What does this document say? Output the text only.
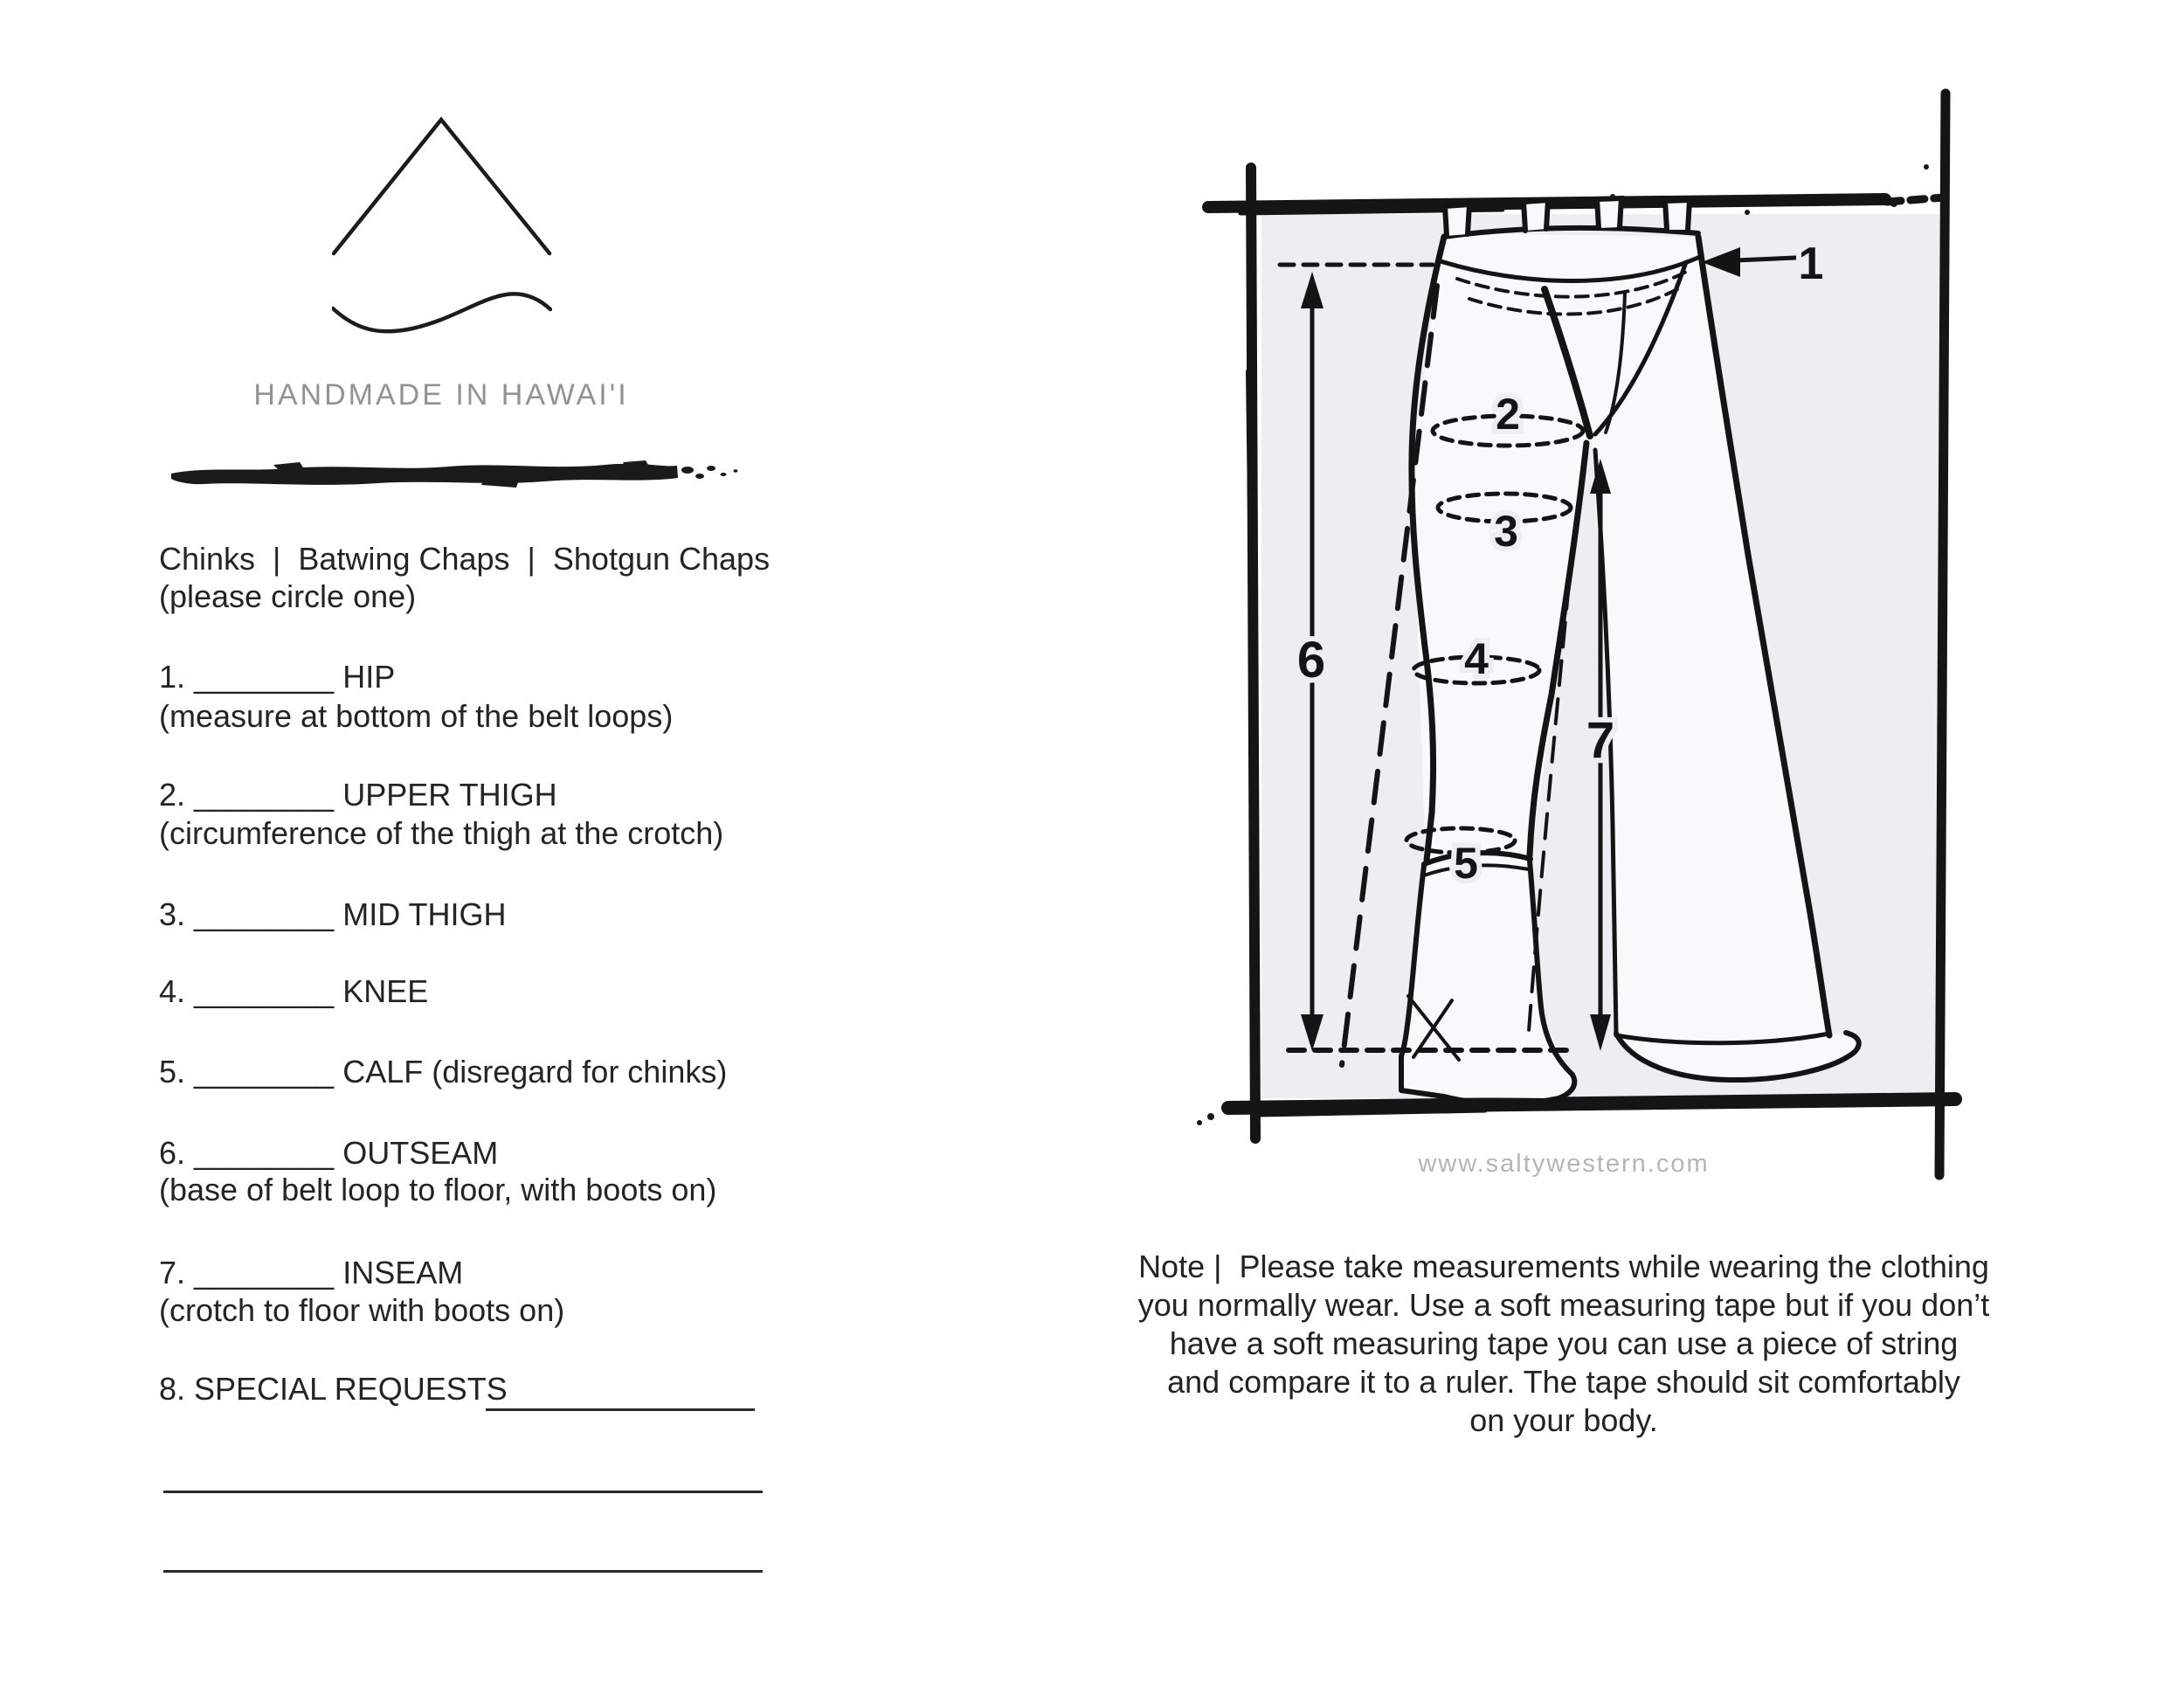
HANDMADE IN HAWAI'I
Chinks  |  Batwing Chaps  |  Shotgun Chaps
(please circle one)
1. ________ HIP
(measure at bottom of the belt loops)
2. ________ UPPER THIGH
(circumference of the thigh at the crotch)
3. ________ MID THIGH
4. ________ KNEE
5. ________ CALF (disregard for chinks)
6. ________ OUTSEAM
(base of belt loop to floor, with boots on)
7. ________ INSEAM
(crotch to floor with boots on)
8. SPECIAL REQUESTS
1
2
3
4
5
6
7
www.saltywestern.com
Note |  Please take measurements while wearing the clothing
you normally wear. Use a soft measuring tape but if you don’t
have a soft measuring tape you can use a piece of string
and compare it to a ruler. The tape should sit comfortably
on your body.
